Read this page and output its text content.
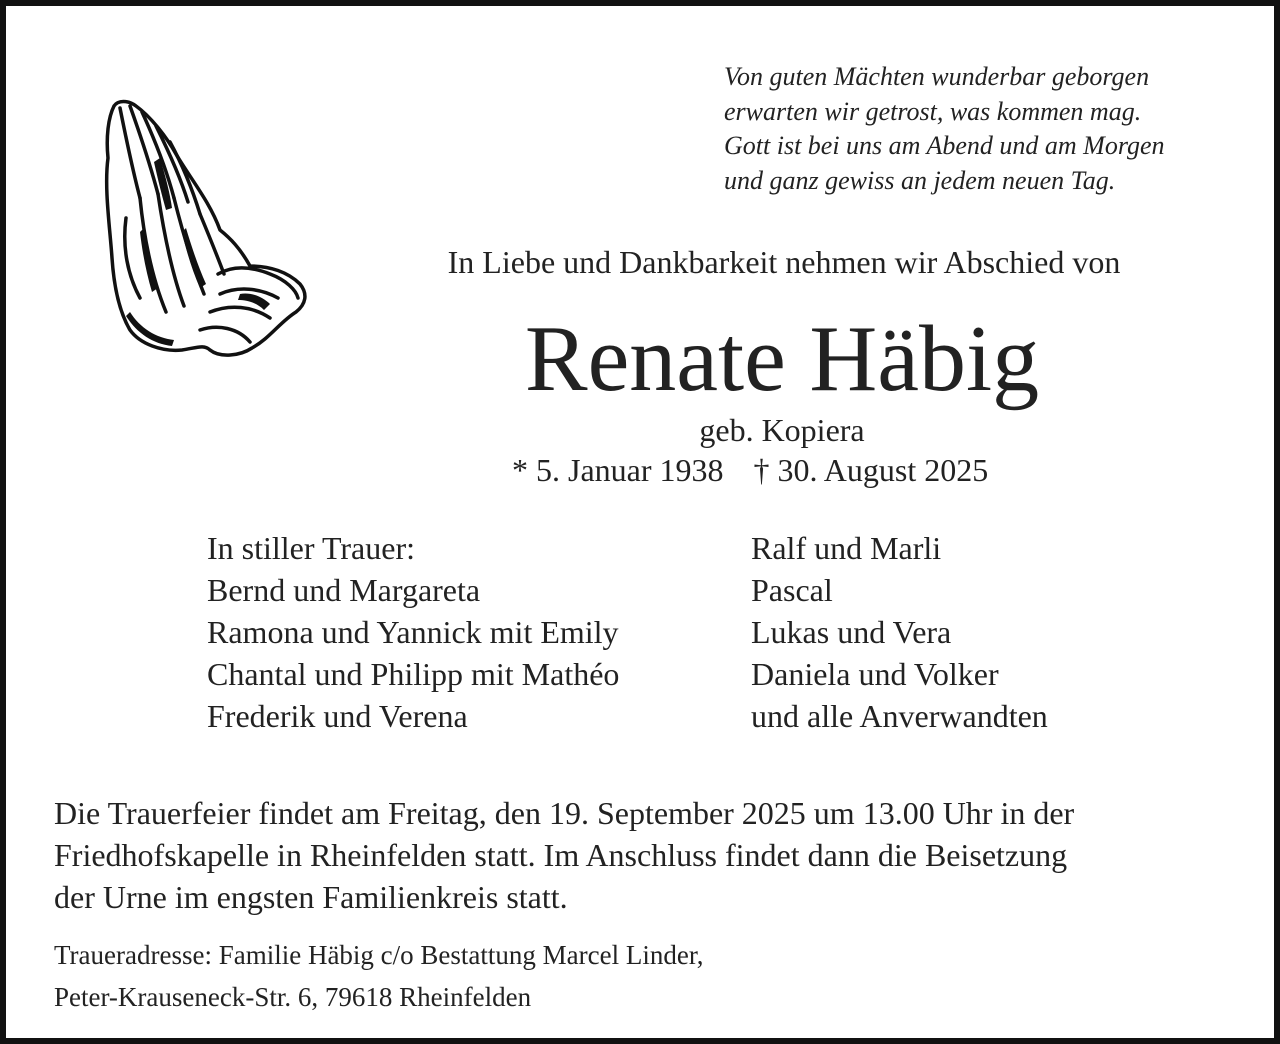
Von guten Mächten wunderbar geborgen
erwarten wir getrost, was kommen mag.
Gott ist bei uns am Abend und am Morgen
und ganz gewiss an jedem neuen Tag.
In Liebe und Dankbarkeit nehmen wir Abschied von
Renate Häbig
geb. Kopiera
* 5. Januar 1938 † 30. August 2025
In stiller Trauer:
Bernd und Margareta
Ramona und Yannick mit Emily
Chantal und Philipp mit Mathéo
Frederik und Verena
Ralf und Marli
Pascal
Lukas und Vera
Daniela und Volker
und alle Anverwandten
Die Trauerfeier findet am Freitag, den 19. September 2025 um 13.00 Uhr in der
Friedhofskapelle in Rheinfelden statt. Im Anschluss findet dann die Beisetzung
der Urne im engsten Familienkreis statt.
Traueradresse: Familie Häbig c/o Bestattung Marcel Linder,
Peter-Krauseneck-Str. 6, 79618 Rheinfelden
